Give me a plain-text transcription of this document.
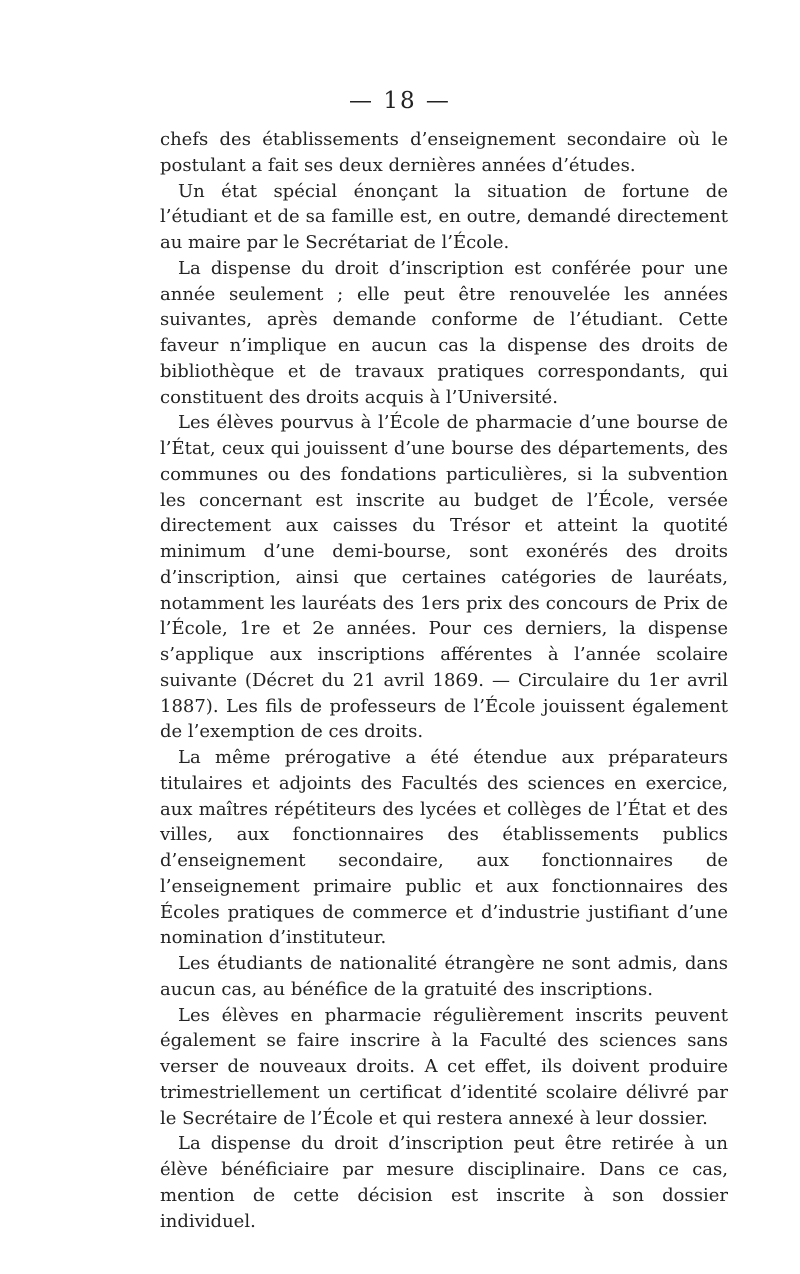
— 18 —

chefs des établissements d’enseignement secondaire où le postulant a fait ses deux dernières années d’études.

Un état spécial énonçant la situation de fortune de l’étudiant et de sa famille est, en outre, demandé directement au maire par le Secrétariat de l’École.

La dispense du droit d’inscription est conférée pour une année seulement ; elle peut être renouvelée les années suivantes, après demande conforme de l’étudiant. Cette faveur n’implique en aucun cas la dispense des droits de bibliothèque et de travaux pratiques correspondants, qui constituent des droits acquis à l’Université.

Les élèves pourvus à l’École de pharmacie d’une bourse de l’État, ceux qui jouissent d’une bourse des départements, des communes ou des fondations particulières, si la subvention les concernant est inscrite au budget de l’École, versée directement aux caisses du Trésor et atteint la quotité minimum d’une demi-bourse, sont exonérés des droits d’inscription, ainsi que certaines catégories de lauréats, notamment les lauréats des 1ers prix des concours de Prix de l’École, 1re et 2e années. Pour ces derniers, la dispense s’applique aux inscriptions afférentes à l’année scolaire suivante (Décret du 21 avril 1869. — Circulaire du 1er avril 1887). Les fils de professeurs de l’École jouissent également de l’exemption de ces droits.

La même prérogative a été étendue aux préparateurs titulaires et adjoints des Facultés des sciences en exercice, aux maîtres répétiteurs des lycées et collèges de l’État et des villes, aux fonctionnaires des établissements publics d’enseignement secondaire, aux fonctionnaires de l’enseignement primaire public et aux fonctionnaires des Écoles pratiques de commerce et d’industrie justifiant d’une nomination d’instituteur.

Les étudiants de nationalité étrangère ne sont admis, dans aucun cas, au bénéfice de la gratuité des inscriptions.

Les élèves en pharmacie régulièrement inscrits peuvent également se faire inscrire à la Faculté des sciences sans verser de nouveaux droits. A cet effet, ils doivent produire trimestriellement un certificat d’identité scolaire délivré par le Secrétaire de l’École et qui restera annexé à leur dossier.

La dispense du droit d’inscription peut être retirée à un élève bénéficiaire par mesure disciplinaire. Dans ce cas, mention de cette décision est inscrite à son dossier individuel.
